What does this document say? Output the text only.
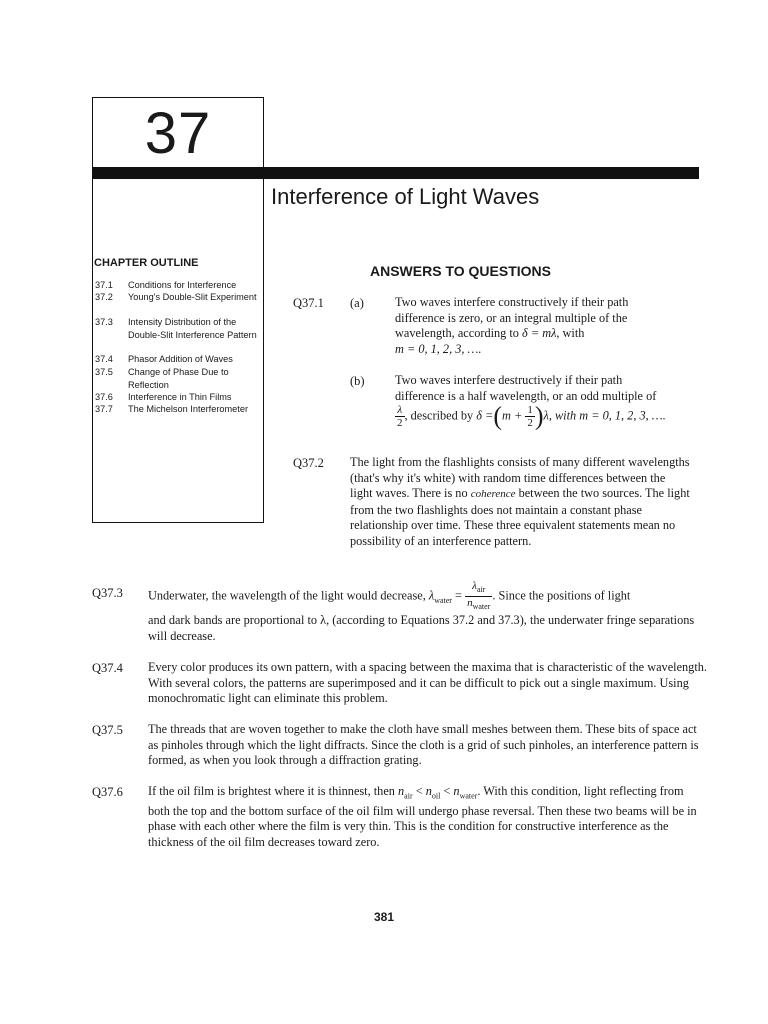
37
Interference of Light Waves
CHAPTER OUTLINE
37.1 Conditions for Interference
37.2 Young's Double-Slit Experiment
37.3 Intensity Distribution of the Double-Slit Interference Pattern
37.4 Phasor Addition of Waves
37.5 Change of Phase Due to Reflection
37.6 Interference in Thin Films
37.7 The Michelson Interferometer
ANSWERS TO QUESTIONS
Q37.1 (a)	Two waves interfere constructively if their path difference is zero, or an integral multiple of the wavelength, according to δ = mλ, with
m = 0, 1, 2, 3, ….
(b) Two waves interfere destructively if their path difference is a half wavelength, or an odd multiple of
$\frac{\lambda}{2}$ , described by $\delta =(m + \frac{1}{2} )\lambda$, with m = 0, 1, 2, 3, ….
Q37.2 The light from the flashlights consists of many different wavelengths (that's why it's white) with random time differences between the light waves. There is no coherence between the two sources. The light from the two flashlights does not maintain a constant phase relationship over time. These three equivalent statements mean no possibility of an interference pattern.
Q37.3 Underwater, the wavelength of the light would decrease, $\lambda_{water} = \frac{\lambda_{air}}{n_{water}}$ . Since the positions of light
and dark bands are proportional to λ, (according to Equations 37.2 and 37.3), the underwater fringe separations will decrease.
Q37.4 Every color produces its own pattern, with a spacing between the maxima that is characteristic of the wavelength. With several colors, the patterns are superimposed and it can be difficult to pick out a single maximum. Using monochromatic light can eliminate this problem.
Q37.5 The threads that are woven together to make the cloth have small meshes between them. These bits of space act as pinholes through which the light diffracts. Since the cloth is a grid of such pinholes, an interference pattern is formed, as when you look through a diffraction grating.
Q37.6 If the oil film is brightest where it is thinnest, then $n_{air} < n_{oil} < n_{water}$. With this condition, light reflecting from both the top and the bottom surface of the oil film will undergo phase reversal. Then these two beams will be in phase with each other where the film is very thin. This is the condition for constructive interference as the thickness of the oil film decreases toward zero.
381
